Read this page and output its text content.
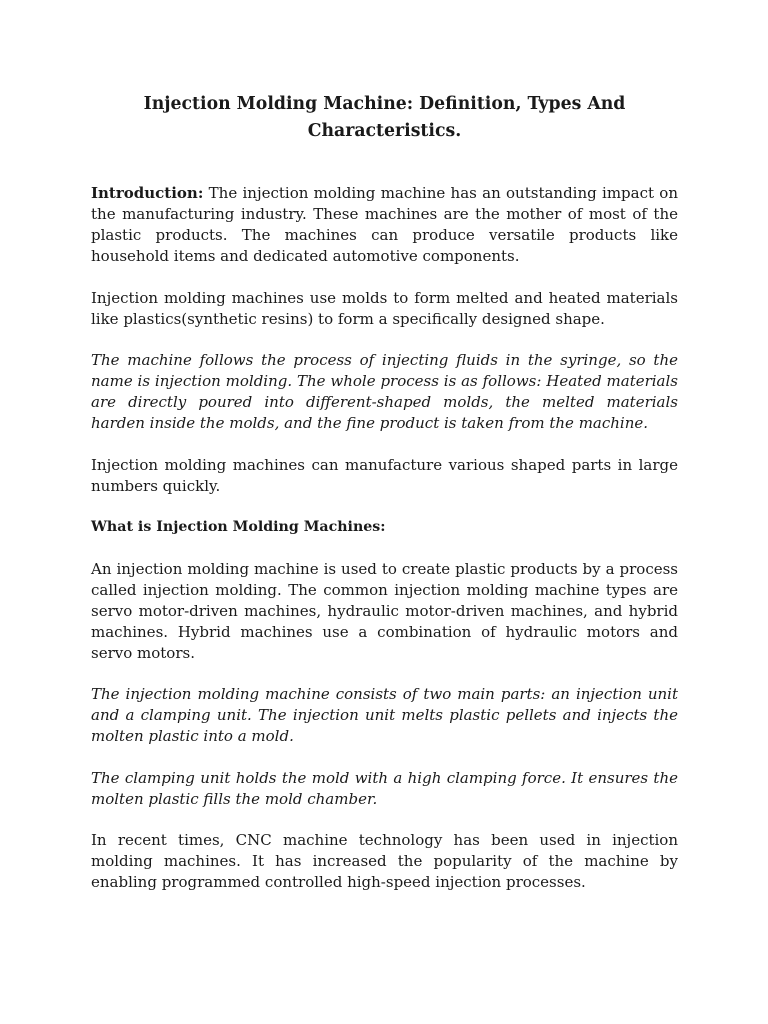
Injection Molding Machine: Definition, Types And
Characteristics.

Introduction: The injection molding machine has an outstanding impact on the manufacturing industry. These machines are the mother of most of the plastic products. The machines can produce versatile products like household items and dedicated automotive components.

Injection molding machines use molds to form melted and heated materials like plastics(synthetic resins) to form a specifically designed shape.

The machine follows the process of injecting fluids in the syringe, so the name is injection molding. The whole process is as follows: Heated materials are directly poured into different-shaped molds, the melted materials harden inside the molds, and the fine product is taken from the machine.

Injection molding machines can manufacture various shaped parts in large numbers quickly.

What is Injection Molding Machines:

An injection molding machine is used to create plastic products by a process called injection molding. The common injection molding machine types are servo motor-driven machines, hydraulic motor-driven machines, and hybrid machines. Hybrid machines use a combination of hydraulic motors and servo motors.

The injection molding machine consists of two main parts: an injection unit and a clamping unit. The injection unit melts plastic pellets and injects the molten plastic into a mold.

The clamping unit holds the mold with a high clamping force. It ensures the molten plastic fills the mold chamber.

In recent times, CNC machine technology has been used in injection molding machines. It has increased the popularity of the machine by enabling programmed controlled high-speed injection processes.
